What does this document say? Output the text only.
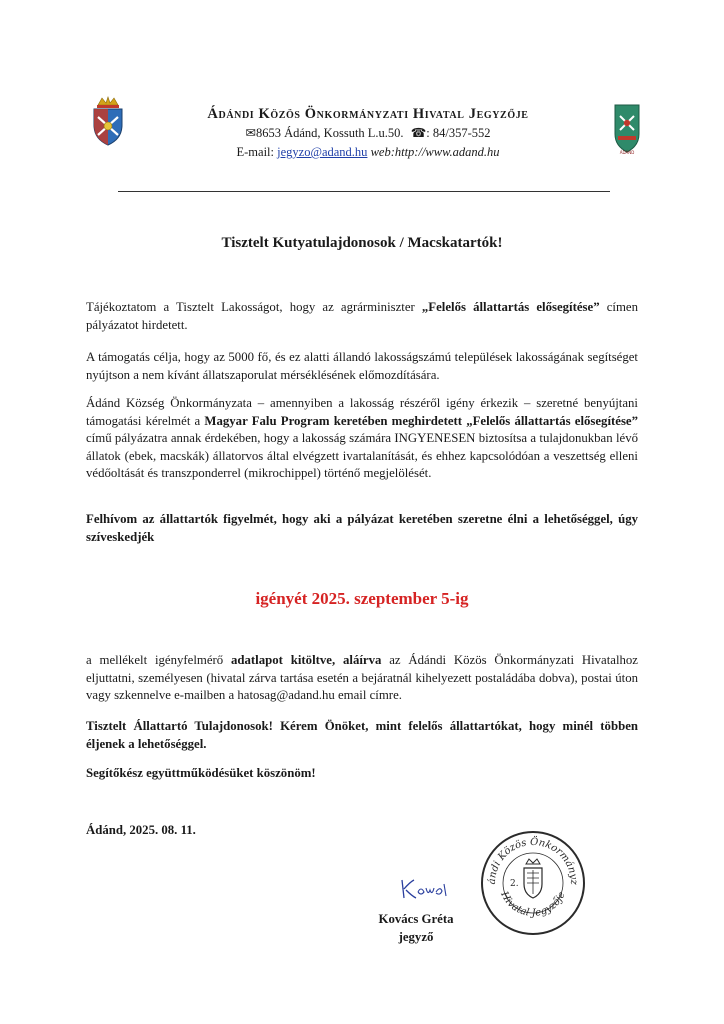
ÁDÁND
Ádándi Közös Önkormányzati Hivatal Jegyzője
✉8653 Ádánd, Kossuth L.u.50. ☎: 84/357-552
E-mail: jegyzo@adand.hu web:http://www.adand.hu
Tisztelt Kutyatulajdonosok / Macskatartók!
Tájékoztatom a Tisztelt Lakosságot, hogy az agrárminiszter „Felelős állattartás elősegítése” címen pályázatot hirdetett.
A támogatás célja, hogy az 5000 fő, és ez alatti állandó lakosságszámú települések lakosságának segítséget nyújtson a nem kívánt állatszaporulat mérséklésének előmozdítására.
Ádánd Község Önkormányzata – amennyiben a lakosság részéről igény érkezik – szeretné benyújtani támogatási kérelmét a Magyar Falu Program keretében meghirdetett „Felelős állattartás elősegítése” című pályázatra annak érdekében, hogy a lakosság számára INGYENESEN biztosítsa a tulajdonukban lévő állatok (ebek, macskák) állatorvos által elvégzett ivartalanítását, és ehhez kapcsolódóan a veszettség elleni védőoltását és transzponderrel (mikrochippel) történő megjelölését.
Felhívom az állattartók figyelmét, hogy aki a pályázat keretében szeretne élni a lehetőséggel, úgy szíveskedjék
igényét 2025. szeptember 5-ig
a mellékelt igényfelmérő adatlapot kitöltve, aláírva az Ádándi Közös Önkormányzati Hivatalhoz eljuttatni, személyesen (hivatal zárva tartása esetén a bejáratnál kihelyezett postaládába dobva), postai úton vagy szkennelve e-mailben a hatosag@adand.hu email címre.
Tisztelt Állattartó Tulajdonosok! Kérem Önöket, mint felelős állattartókat, hogy minél többen éljenek a lehetőséggel.
Segítőkész együttműködésüket köszönöm!
Ádánd, 2025. 08. 11.
Kovács Gréta
jegyző
ándi Közös Önkormányz
Hivatal Jegyzője
2.
